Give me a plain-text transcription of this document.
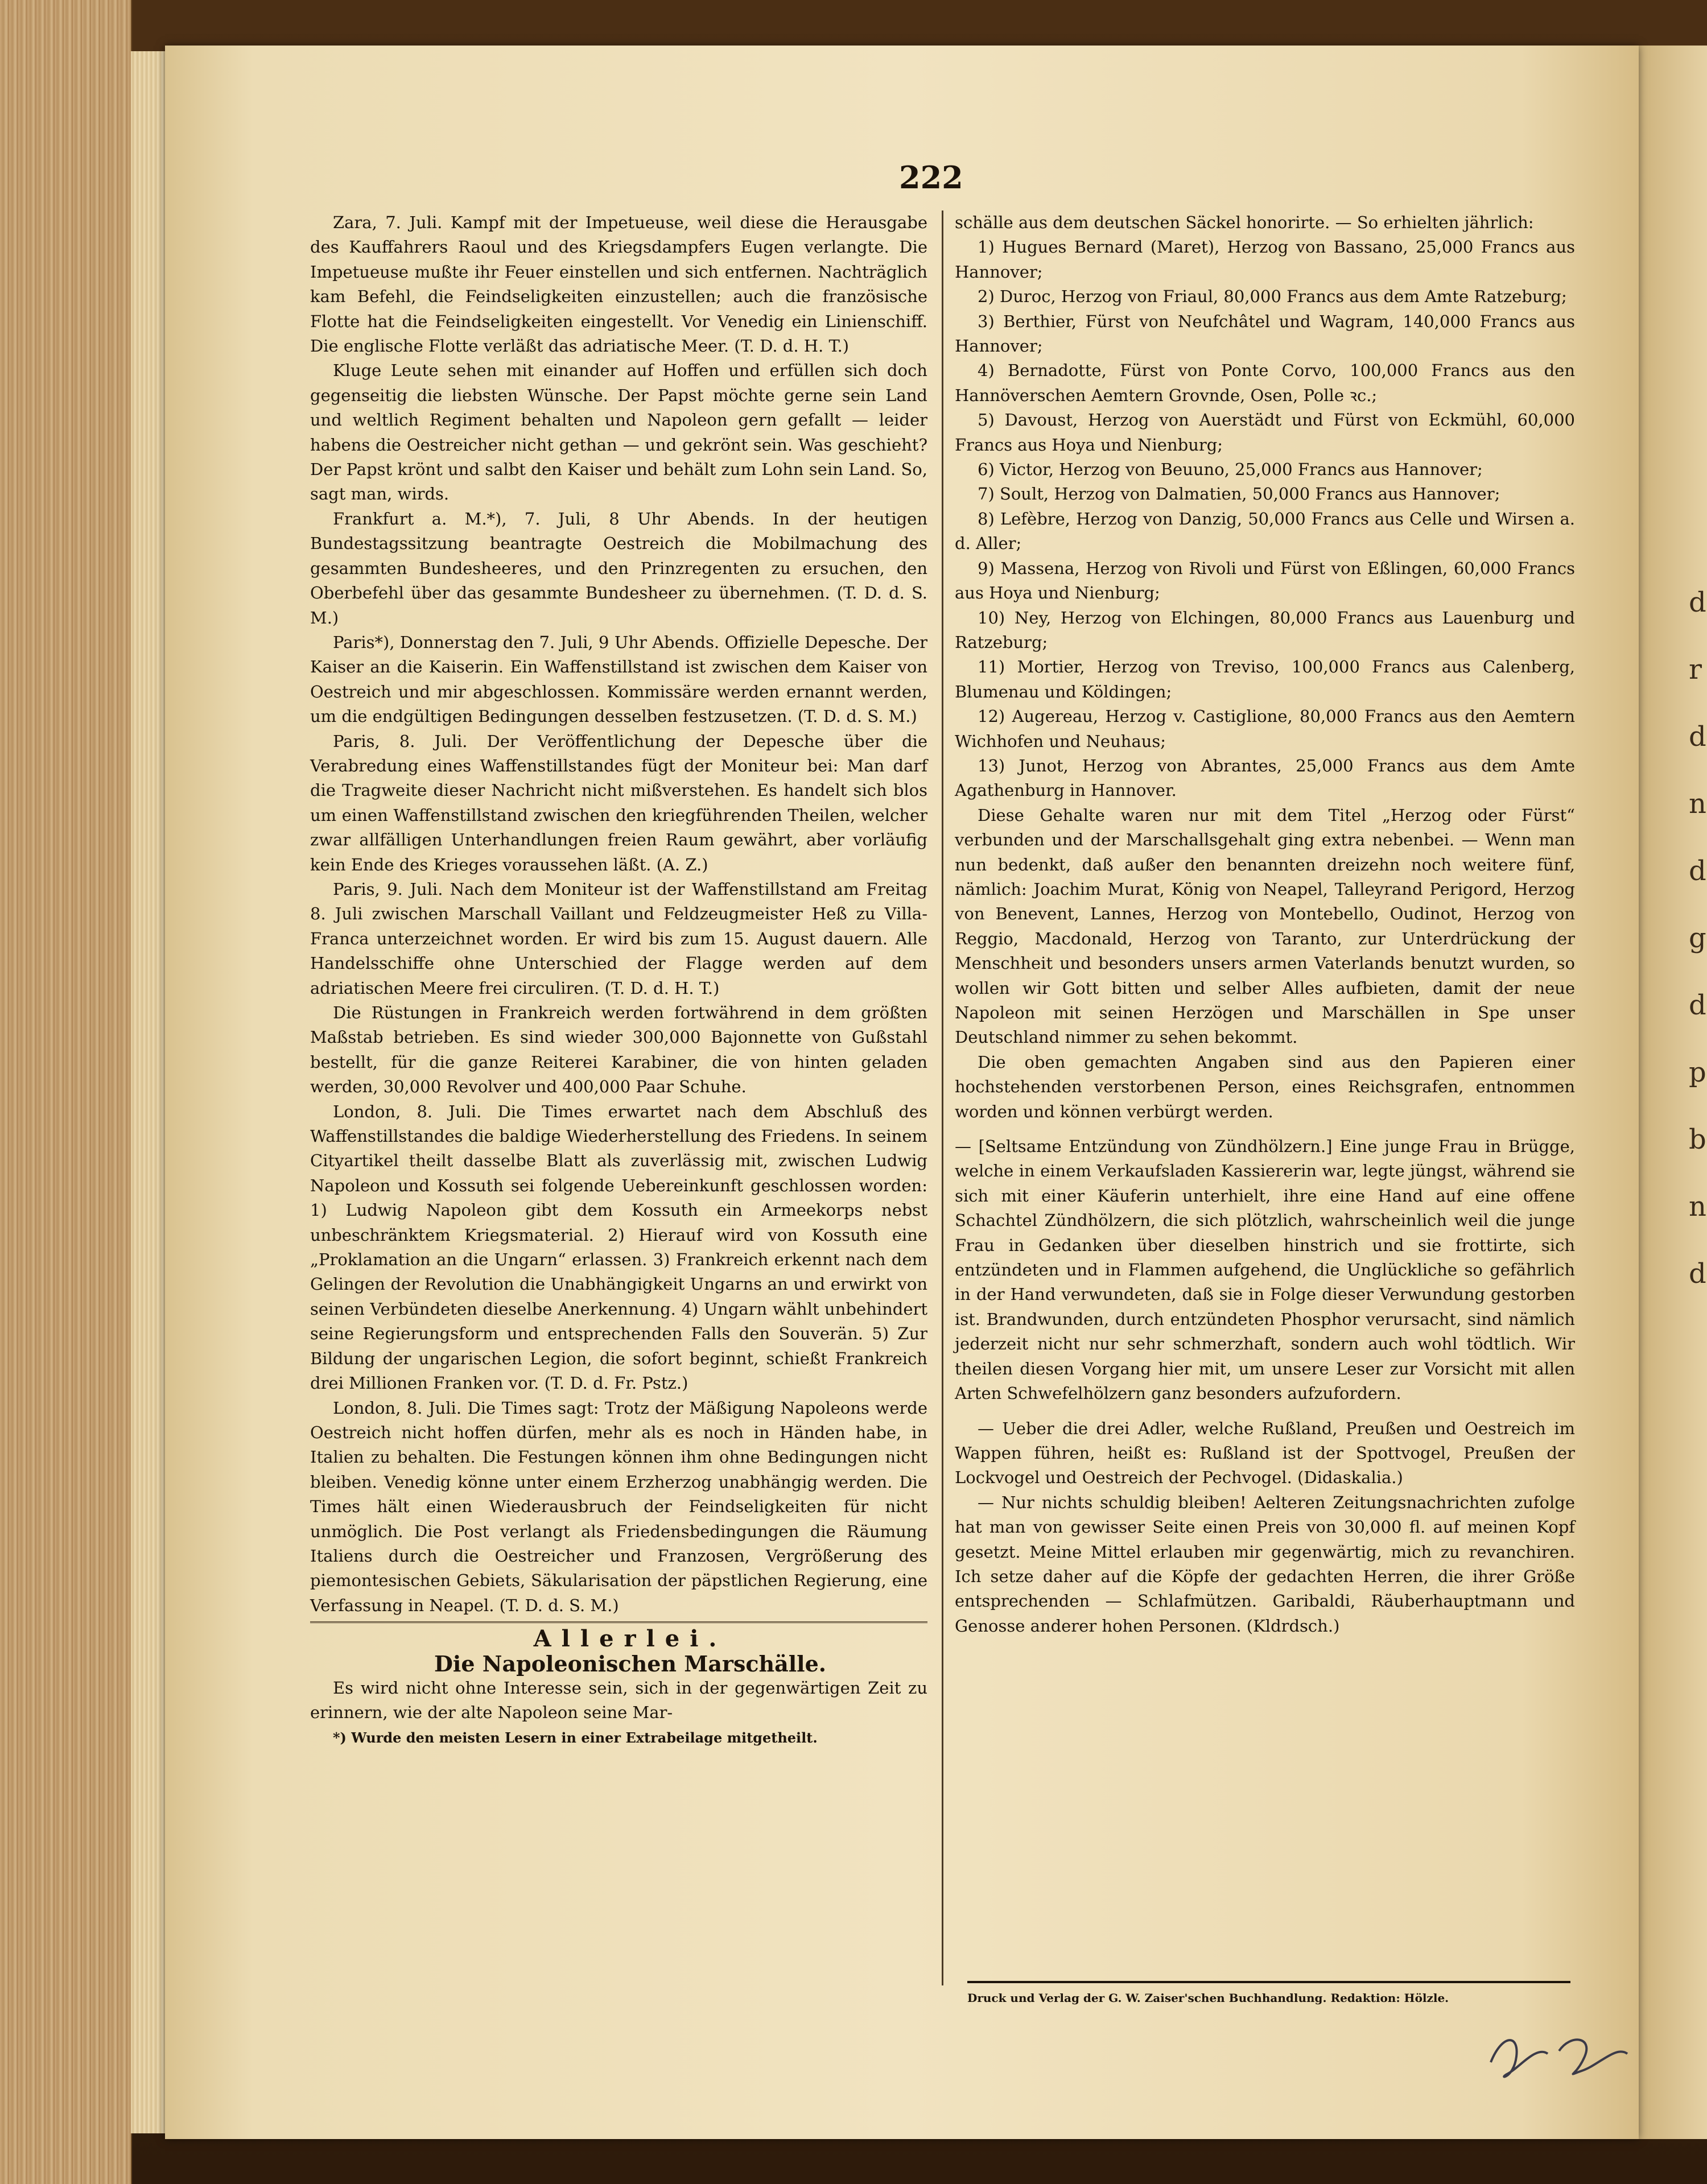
d
r
d
n
d
g
d
p
b
n
d
222

Zara, 7. Juli. Kampf mit der Impetueuse, weil diese die Herausgabe des Kauffahrers Raoul und des Kriegsdampfers Eugen verlangte. Die Impetueuse mußte ihr Feuer einstellen und sich entfernen. Nachträglich kam Befehl, die Feindseligkeiten einzustellen; auch die französische Flotte hat die Feindseligkeiten eingestellt. Vor Venedig ein Linienschiff. Die englische Flotte verläßt das adriatische Meer. (T. D. d. H. T.)

Kluge Leute sehen mit einander auf Hoffen und erfüllen sich doch gegenseitig die liebsten Wünsche. Der Papst möchte gerne sein Land und weltlich Regiment behalten und Napoleon gern gefallt — leider habens die Oestreicher nicht gethan — und gekrönt sein. Was geschieht? Der Papst krönt und salbt den Kaiser und behält zum Lohn sein Land. So, sagt man, wirds.

Frankfurt a. M.*), 7. Juli, 8 Uhr Abends. In der heutigen Bundestagssitzung beantragte Oestreich die Mobilmachung des gesammten Bundesheeres, und den Prinzregenten zu ersuchen, den Oberbefehl über das gesammte Bundesheer zu übernehmen. (T. D. d. S. M.)

Paris*), Donnerstag den 7. Juli, 9 Uhr Abends. Offizielle Depesche. Der Kaiser an die Kaiserin. Ein Waffenstillstand ist zwischen dem Kaiser von Oestreich und mir abgeschlossen. Kommissäre werden ernannt werden, um die endgültigen Bedingungen desselben festzusetzen. (T. D. d. S. M.)

Paris, 8. Juli. Der Veröffentlichung der Depesche über die Verabredung eines Waffenstillstandes fügt der Moniteur bei: Man darf die Tragweite dieser Nachricht nicht mißverstehen. Es handelt sich blos um einen Waffenstillstand zwischen den kriegführenden Theilen, welcher zwar allfälligen Unterhandlungen freien Raum gewährt, aber vorläufig kein Ende des Krieges voraussehen läßt. (A. Z.)

Paris, 9. Juli. Nach dem Moniteur ist der Waffenstillstand am Freitag 8. Juli zwischen Marschall Vaillant und Feldzeugmeister Heß zu Villa-Franca unterzeichnet worden. Er wird bis zum 15. August dauern. Alle Handelsschiffe ohne Unterschied der Flagge werden auf dem adriatischen Meere frei circuliren. (T. D. d. H. T.)

Die Rüstungen in Frankreich werden fortwährend in dem größten Maßstab betrieben. Es sind wieder 300,000 Bajonnette von Gußstahl bestellt, für die ganze Reiterei Karabiner, die von hinten geladen werden, 30,000 Revolver und 400,000 Paar Schuhe.

London, 8. Juli. Die Times erwartet nach dem Abschluß des Waffenstillstandes die baldige Wiederherstellung des Friedens. In seinem Cityartikel theilt dasselbe Blatt als zuverlässig mit, zwischen Ludwig Napoleon und Kossuth sei folgende Uebereinkunft geschlossen worden: 1) Ludwig Napoleon gibt dem Kossuth ein Armeekorps nebst unbeschränktem Kriegsmaterial. 2) Hierauf wird von Kossuth eine „Proklamation an die Ungarn“ erlassen. 3) Frankreich erkennt nach dem Gelingen der Revolution die Unabhängigkeit Ungarns an und erwirkt von seinen Verbündeten dieselbe Anerkennung. 4) Ungarn wählt unbehindert seine Regierungsform und entsprechenden Falls den Souverän. 5) Zur Bildung der ungarischen Legion, die sofort beginnt, schießt Frankreich drei Millionen Franken vor. (T. D. d. Fr. Pstz.)

London, 8. Juli. Die Times sagt: Trotz der Mäßigung Napoleons werde Oestreich nicht hoffen dürfen, mehr als es noch in Händen habe, in Italien zu behalten. Die Festungen können ihm ohne Bedingungen nicht bleiben. Venedig könne unter einem Erzherzog unabhängig werden. Die Times hält einen Wiederausbruch der Feindseligkeiten für nicht unmöglich. Die Post verlangt als Friedensbedingungen die Räumung Italiens durch die Oestreicher und Franzosen, Vergrößerung des piemontesischen Gebiets, Säkularisation der päpstlichen Regierung, eine Verfassung in Neapel. (T. D. d. S. M.)

Allerlei.

Die Napoleonischen Marschälle.

Es wird nicht ohne Interesse sein, sich in der gegenwärtigen Zeit zu erinnern, wie der alte Napoleon seine Mar-

*) Wurde den meisten Lesern in einer Extrabeilage mitgetheilt.

schälle aus dem deutschen Säckel honorirte. — So erhielten jährlich:

1) Hugues Bernard (Maret), Herzog von Bassano, 25,000 Francs aus Hannover;

2) Duroc, Herzog von Friaul, 80,000 Francs aus dem Amte Ratzeburg;

3) Berthier, Fürst von Neufchâtel und Wagram, 140,000 Francs aus Hannover;

4) Bernadotte, Fürst von Ponte Corvo, 100,000 Francs aus den Hannöverschen Aemtern Grovnde, Osen, Polle ꝛc.;

5) Davoust, Herzog von Auerstädt und Fürst von Eckmühl, 60,000 Francs aus Hoya und Nienburg;

6) Victor, Herzog von Beuuno, 25,000 Francs aus Hannover;

7) Soult, Herzog von Dalmatien, 50,000 Francs aus Hannover;

8) Lefèbre, Herzog von Danzig, 50,000 Francs aus Celle und Wirsen a. d. Aller;

9) Massena, Herzog von Rivoli und Fürst von Eßlingen, 60,000 Francs aus Hoya und Nienburg;

10) Ney, Herzog von Elchingen, 80,000 Francs aus Lauenburg und Ratzeburg;

11) Mortier, Herzog von Treviso, 100,000 Francs aus Calenberg, Blumenau und Köldingen;

12) Augereau, Herzog v. Castiglione, 80,000 Francs aus den Aemtern Wichhofen und Neuhaus;

13) Junot, Herzog von Abrantes, 25,000 Francs aus dem Amte Agathenburg in Hannover.

Diese Gehalte waren nur mit dem Titel „Herzog oder Fürst“ verbunden und der Marschallsgehalt ging extra nebenbei. — Wenn man nun bedenkt, daß außer den benannten dreizehn noch weitere fünf, nämlich: Joachim Murat, König von Neapel, Talleyrand Perigord, Herzog von Benevent, Lannes, Herzog von Montebello, Oudinot, Herzog von Reggio, Macdonald, Herzog von Taranto, zur Unterdrückung der Menschheit und besonders unsers armen Vaterlands benutzt wurden, so wollen wir Gott bitten und selber Alles aufbieten, damit der neue Napoleon mit seinen Herzögen und Marschällen in Spe unser Deutschland nimmer zu sehen bekommt.

Die oben gemachten Angaben sind aus den Papieren einer hochstehenden verstorbenen Person, eines Reichsgrafen, entnommen worden und können verbürgt werden.

— [Seltsame Entzündung von Zündhölzern.] Eine junge Frau in Brügge, welche in einem Verkaufsladen Kassiererin war, legte jüngst, während sie sich mit einer Käuferin unterhielt, ihre eine Hand auf eine offene Schachtel Zündhölzern, die sich plötzlich, wahrscheinlich weil die junge Frau in Gedanken über dieselben hinstrich und sie frottirte, sich entzündeten und in Flammen aufgehend, die Unglückliche so gefährlich in der Hand verwundeten, daß sie in Folge dieser Verwundung gestorben ist. Brandwunden, durch entzündeten Phosphor verursacht, sind nämlich jederzeit nicht nur sehr schmerzhaft, sondern auch wohl tödtlich. Wir theilen diesen Vorgang hier mit, um unsere Leser zur Vorsicht mit allen Arten Schwefelhölzern ganz besonders aufzufordern.

— Ueber die drei Adler, welche Rußland, Preußen und Oestreich im Wappen führen, heißt es: Rußland ist der Spottvogel, Preußen der Lockvogel und Oestreich der Pechvogel. (Didaskalia.)

— Nur nichts schuldig bleiben! Aelteren Zeitungsnachrichten zufolge hat man von gewisser Seite einen Preis von 30,000 fl. auf meinen Kopf gesetzt. Meine Mittel erlauben mir gegenwärtig, mich zu revanchiren. Ich setze daher auf die Köpfe der gedachten Herren, die ihrer Größe entsprechenden — Schlafmützen. Garibaldi, Räuberhauptmann und Genosse anderer hohen Personen. (Kldrdsch.)

Druck und Verlag der G. W. Zaiser'schen Buchhandlung. Redaktion: Hölzle.
